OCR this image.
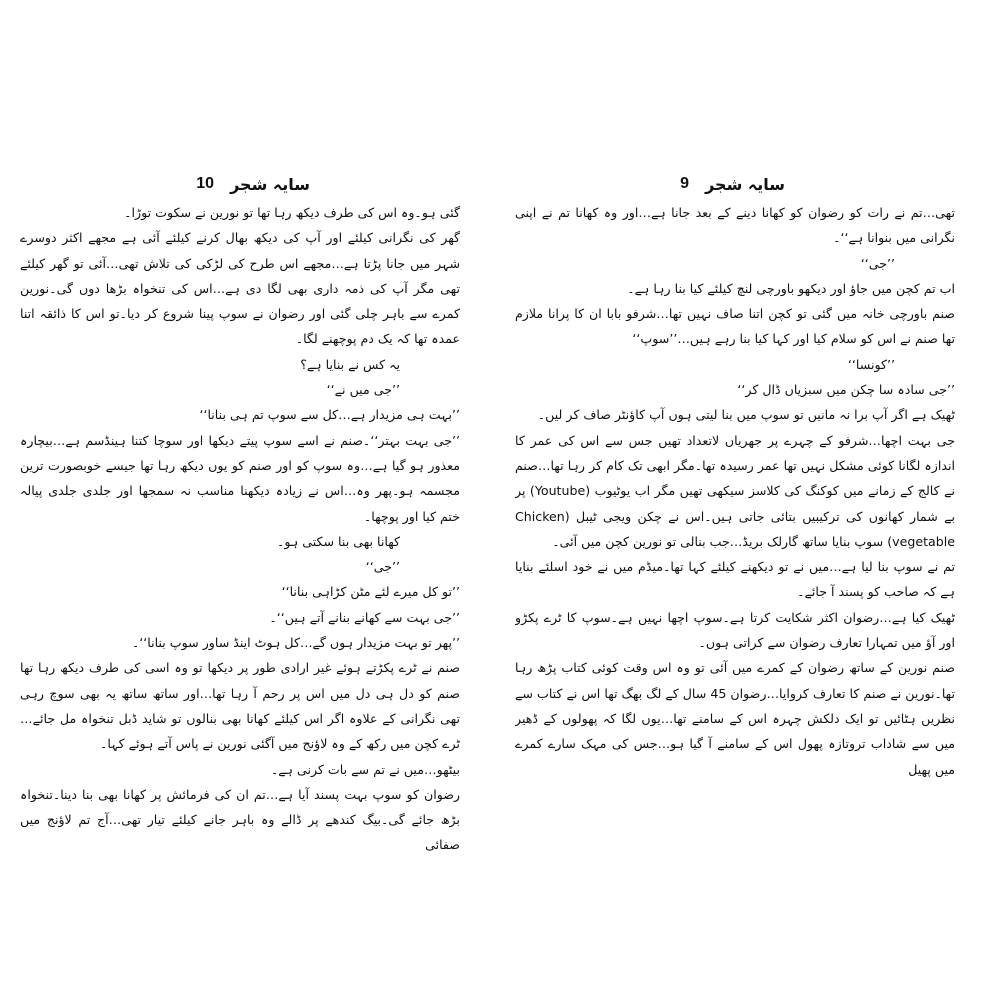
سایہ شجر
10

گئی ہو۔وہ اس کی طرف دیکھ رہا تھا تو نورین نے سکوت توڑا۔

گھر کی نگرانی کیلئے اور آپ کی دیکھ بھال کرنے کیلئے آئی ہے مجھے اکثر دوسرے شہر میں جانا پڑتا ہے…مجھے اس طرح کی لڑکی کی تلاش تھی…آئی تو گھر کیلئے تھی مگر آپ کی ذمہ داری بھی لگا دی ہے…اس کی تنخواہ بڑھا دوں گی۔نورین کمرے سے باہر چلی گئی اور رضوان نے سوپ پینا شروع کر دیا۔تو اس کا ذائقہ اتنا عمدہ تھا کہ یک دم پوچھنے لگا۔

یہ کس نے بنایا ہے؟

’’جی میں نے‘‘

’’بہت ہی مزیدار ہے…کل سے سوپ تم ہی بنانا‘‘

’’جی بہت بہتر‘‘۔صنم نے اسے سوپ پیتے دیکھا اور سوچا کتنا ہینڈسم ہے…بیچارہ معذور ہو گیا ہے…وہ سوپ کو اور صنم کو یوں دیکھ رہا تھا جیسے خوبصورت ترین مجسمہ ہو۔پھر وہ…اس نے زیادہ دیکھنا مناسب نہ سمجھا اور جلدی جلدی پیالہ ختم کیا اور پوچھا۔

کھانا بھی بنا سکتی ہو۔

’’جی‘‘

’’تو کل میرے لئے مٹن کڑاہی بنانا‘‘

’’جی بہت سے کھانے بنانے آتے ہیں‘‘۔

’’پھر تو بہت مزیدار ہوں گے…کل ہوٹ اینڈ ساور سوپ بنانا‘‘۔

صنم نے ٹرے پکڑتے ہوئے غیر ارادی طور پر دیکھا تو وہ اسی کی طرف دیکھ رہا تھا صنم کو دل ہی دل میں اس پر رحم آ رہا تھا…اور ساتھ ساتھ یہ بھی سوچ رہی تھی نگرانی کے علاوہ اگر اس کیلئے کھانا بھی بنالوں تو شاید ڈبل تنخواہ مل جائے…ٹرے کچن میں رکھ کے وہ لاؤنج میں آگئی نورین نے پاس آتے ہوئے کہا۔

بیٹھو…میں نے تم سے بات کرنی ہے۔

رضوان کو سوپ بہت پسند آیا ہے…تم ان کی فرمائش پر کھانا بھی بنا دینا۔تنخواہ بڑھ جائے گی۔بیگ کندھے پر ڈالے وہ باہر جانے کیلئے تیار تھی…آج تم لاؤنج میں صفائی

سایہ شجر
9

تھی…تم نے رات کو رضوان کو کھانا دینے کے بعد جانا ہے…اور وہ کھانا تم نے اپنی نگرانی میں بنوانا ہے‘‘۔

’’جی‘‘

اب تم کچن میں جاؤ اور دیکھو باورچی لنچ کیلئے کیا بنا رہا ہے۔

صنم باورچی خانہ میں گئی تو کچن اتنا صاف نہیں تھا…شرفو بابا ان کا پرانا ملازم تھا صنم نے اس کو سلام کیا اور کہا کیا بنا رہے ہیں…’’سوپ‘‘

’’کونسا‘‘

’’جی سادہ سا چکن میں سبزیاں ڈال کر‘‘

ٹھیک ہے اگر آپ برا نہ مانیں تو سوپ میں بنا لیتی ہوں آپ کاؤنٹر صاف کر لیں۔

جی بہت اچھا…شرفو کے چہرے پر جھریاں لاتعداد تھیں جس سے اس کی عمر کا اندازہ لگانا کوئی مشکل نہیں تھا عمر رسیدہ تھا۔مگر ابھی تک کام کر رہا تھا…صنم نے کالج کے زمانے میں کوکنگ کی کلاسز سیکھی تھیں مگر اب یوٹیوب (Youtube) پر بے شمار کھانوں کی ترکیبیں بتائی جاتی ہیں۔اس نے چکن ویجی ٹیبل (Chicken vegetable) سوپ بنایا ساتھ گارلک بریڈ…جب بنالی تو نورین کچن میں آئی۔

تم نے سوپ بنا لیا ہے…میں نے تو دیکھنے کیلئے کہا تھا۔میڈم میں نے خود اسلئے بنایا ہے کہ صاحب کو پسند آ جائے۔

ٹھیک کیا ہے…رضوان اکثر شکایت کرتا ہے۔سوپ اچھا نہیں ہے۔سوپ کا ٹرے پکڑو اور آؤ میں تمہارا تعارف رضوان سے کراتی ہوں۔

صنم نورین کے ساتھ رضوان کے کمرے میں آئی تو وہ اس وقت کوئی کتاب پڑھ رہا تھا۔نورین نے صنم کا تعارف کروایا…رضوان 45 سال کے لگ بھگ تھا اس نے کتاب سے نظریں ہٹائیں تو ایک دلکش چہرہ اس کے سامنے تھا…یوں لگا کہ پھولوں کے ڈھیر میں سے شاداب تروتازہ پھول اس کے سامنے آ گیا ہو…جس کی مہک سارے کمرے میں پھیل
